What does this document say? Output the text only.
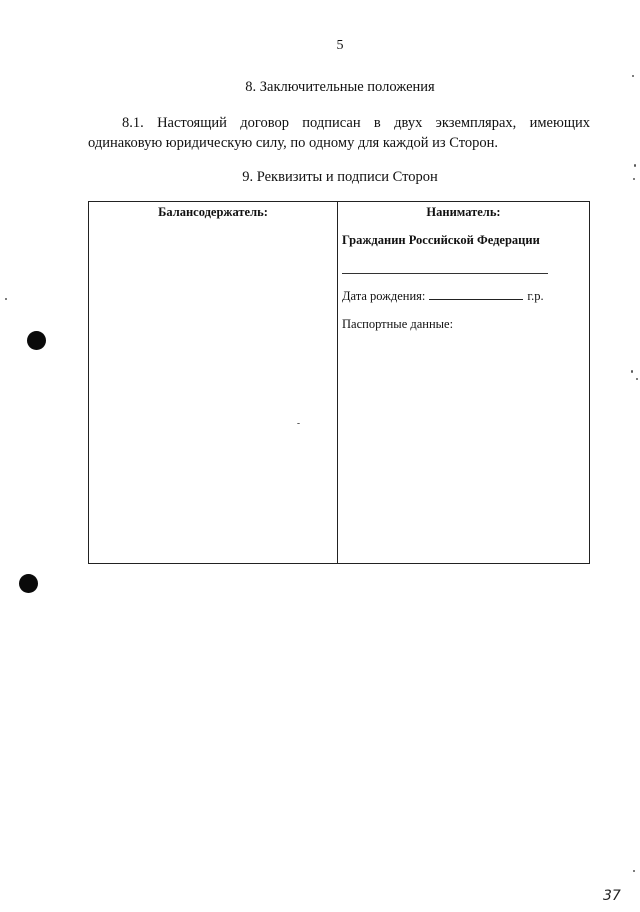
5
8. Заключительные положения
8.1. Настоящий договор подписан в двух экземплярах, имеющих одинаковую юридическую силу, по одному для каждой из Сторон.
9. Реквизиты и подписи Сторон
Балансодержатель:	Наниматель:
Гражданин Российской Федерации
Дата рождения:	г.р.
Паспортные данные:
37
